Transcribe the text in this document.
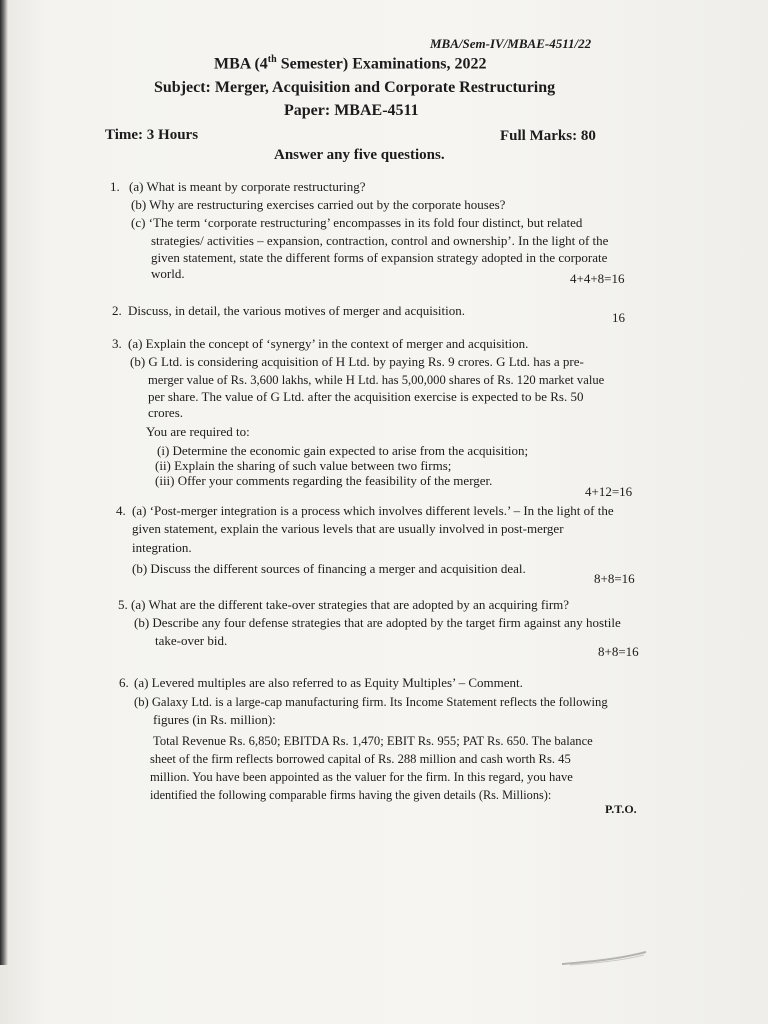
MBA/Sem-IV/MBAE-4511/22
MBA (4th Semester) Examinations, 2022
Subject: Merger, Acquisition and Corporate Restructuring
Paper: MBAE-4511
Time: 3 Hours	Full Marks: 80
Answer any five questions.
1. (a) What is meant by corporate restructuring?
(b) Why are restructuring exercises carried out by the corporate houses?
(c) ‘The term ‘corporate restructuring’ encompasses in its fold four distinct, but related
strategies/ activities – expansion, contraction, control and ownership’. In the light of the
given statement, state the different forms of expansion strategy adopted in the corporate
world.	4+4+8=16
2. Discuss, in detail, the various motives of merger and acquisition.	16
3. (a) Explain the concept of ‘synergy’ in the context of merger and acquisition.
(b) G Ltd. is considering acquisition of H Ltd. by paying Rs. 9 crores. G Ltd. has a pre-
merger value of Rs. 3,600 lakhs, while H Ltd. has 5,00,000 shares of Rs. 120 market value
per share. The value of G Ltd. after the acquisition exercise is expected to be Rs. 50
crores.
You are required to:
(i) Determine the economic gain expected to arise from the acquisition;
(ii) Explain the sharing of such value between two firms;
(iii) Offer your comments regarding the feasibility of the merger.
4+12=16
4. (a) ‘Post-merger integration is a process which involves different levels.’ – In the light of the
given statement, explain the various levels that are usually involved in post-merger
integration.
(b) Discuss the different sources of financing a merger and acquisition deal.
8+8=16
5. (a) What are the different take-over strategies that are adopted by an acquiring firm?
(b) Describe any four defense strategies that are adopted by the target firm against any hostile
take-over bid.
8+8=16
6. (a) Levered multiples are also referred to as Equity Multiples’ – Comment.
(b) Galaxy Ltd. is a large-cap manufacturing firm. Its Income Statement reflects the following
figures (in Rs. million):
Total Revenue Rs. 6,850; EBITDA Rs. 1,470; EBIT Rs. 955; PAT Rs. 650. The balance
sheet of the firm reflects borrowed capital of Rs. 288 million and cash worth Rs. 45
million. You have been appointed as the valuer for the firm. In this regard, you have
identified the following comparable firms having the given details (Rs. Millions):
P.T.O.
